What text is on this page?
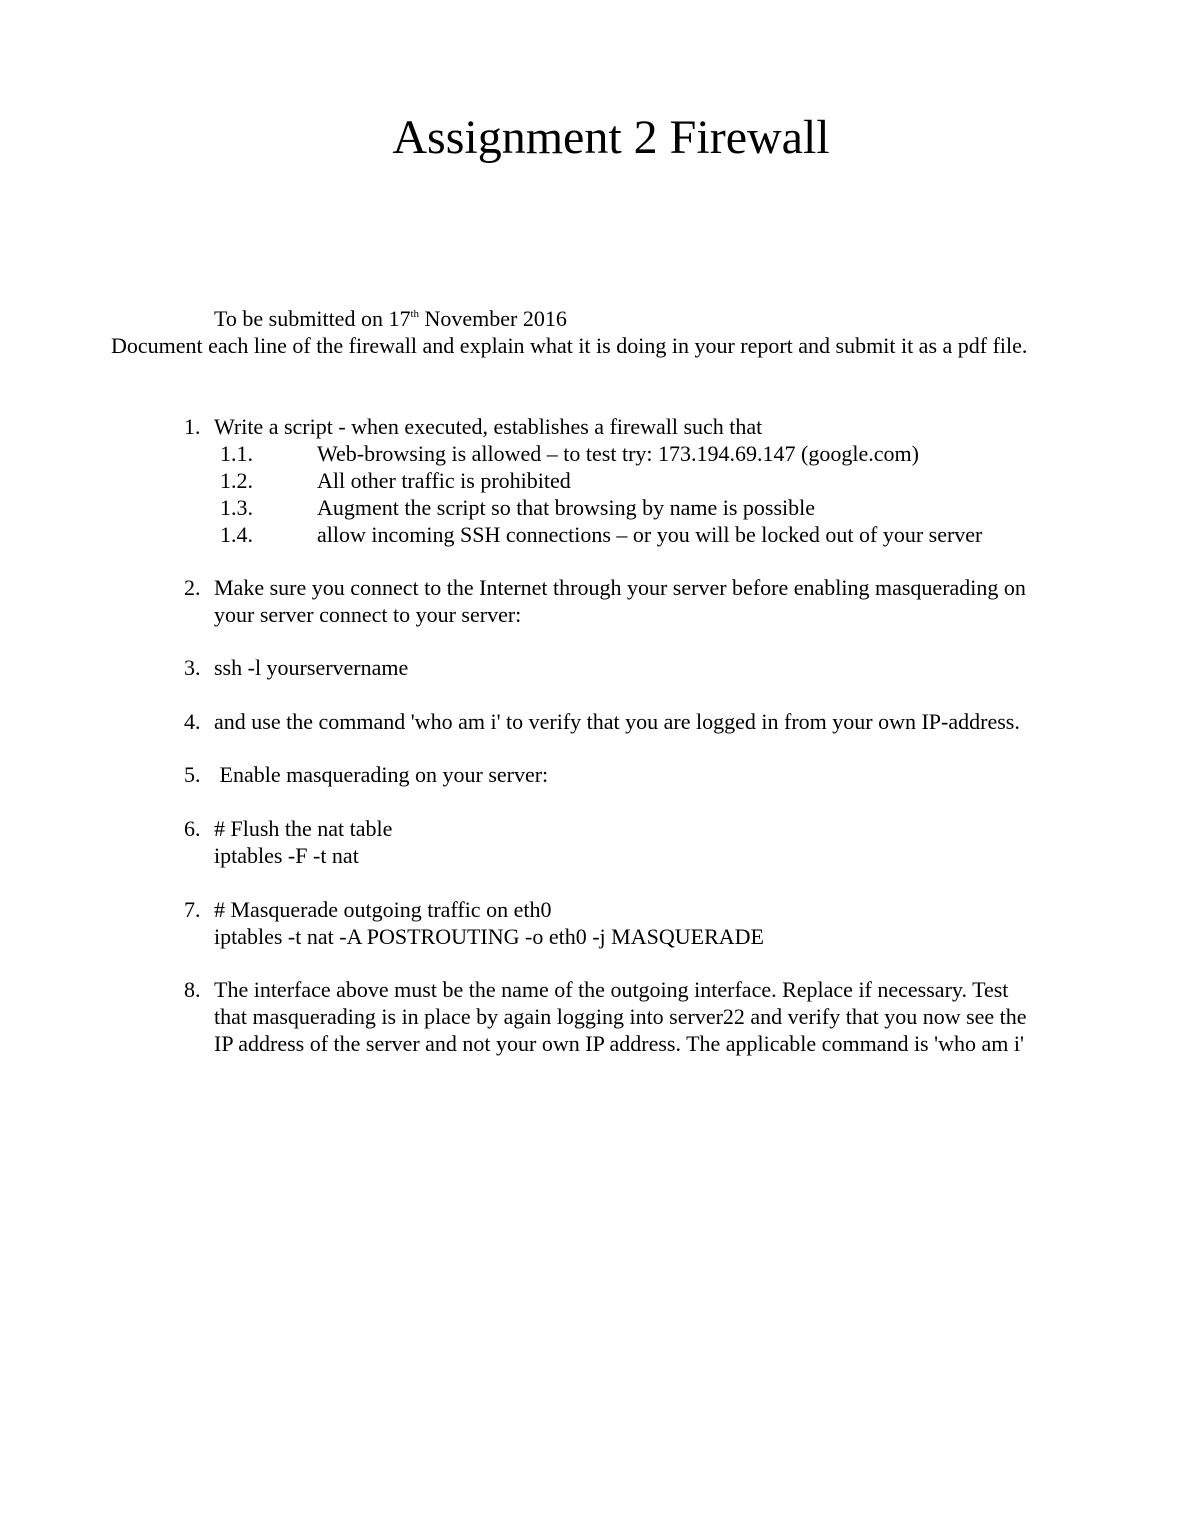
Assignment 2 Firewall
To be submitted on 17th November 2016
Document each line of the firewall and explain what it is doing in your report and submit it as a pdf file.
1. Write a script - when executed, establishes a firewall such that
1.1.	Web-browsing is allowed – to test try: 173.194.69.147 (google.com)
1.2.	All other traffic is prohibited
1.3.	Augment the script so that browsing by name is possible
1.4.	allow incoming SSH connections – or you will be locked out of your server
2. Make sure you connect to the Internet through your server before enabling masquerading on
your server connect to your server:
3. ssh -l yourservername
4. and use the command 'who am i' to verify that you are logged in from your own IP-address.
5. Enable masquerading on your server:
6. # Flush the nat table
iptables -F -t nat
7. # Masquerade outgoing traffic on eth0
iptables -t nat -A POSTROUTING -o eth0 -j MASQUERADE
8. The interface above must be the name of the outgoing interface. Replace if necessary. Test
that masquerading is in place by again logging into server22 and verify that you now see the
IP address of the server and not your own IP address. The applicable command is 'who am i'
